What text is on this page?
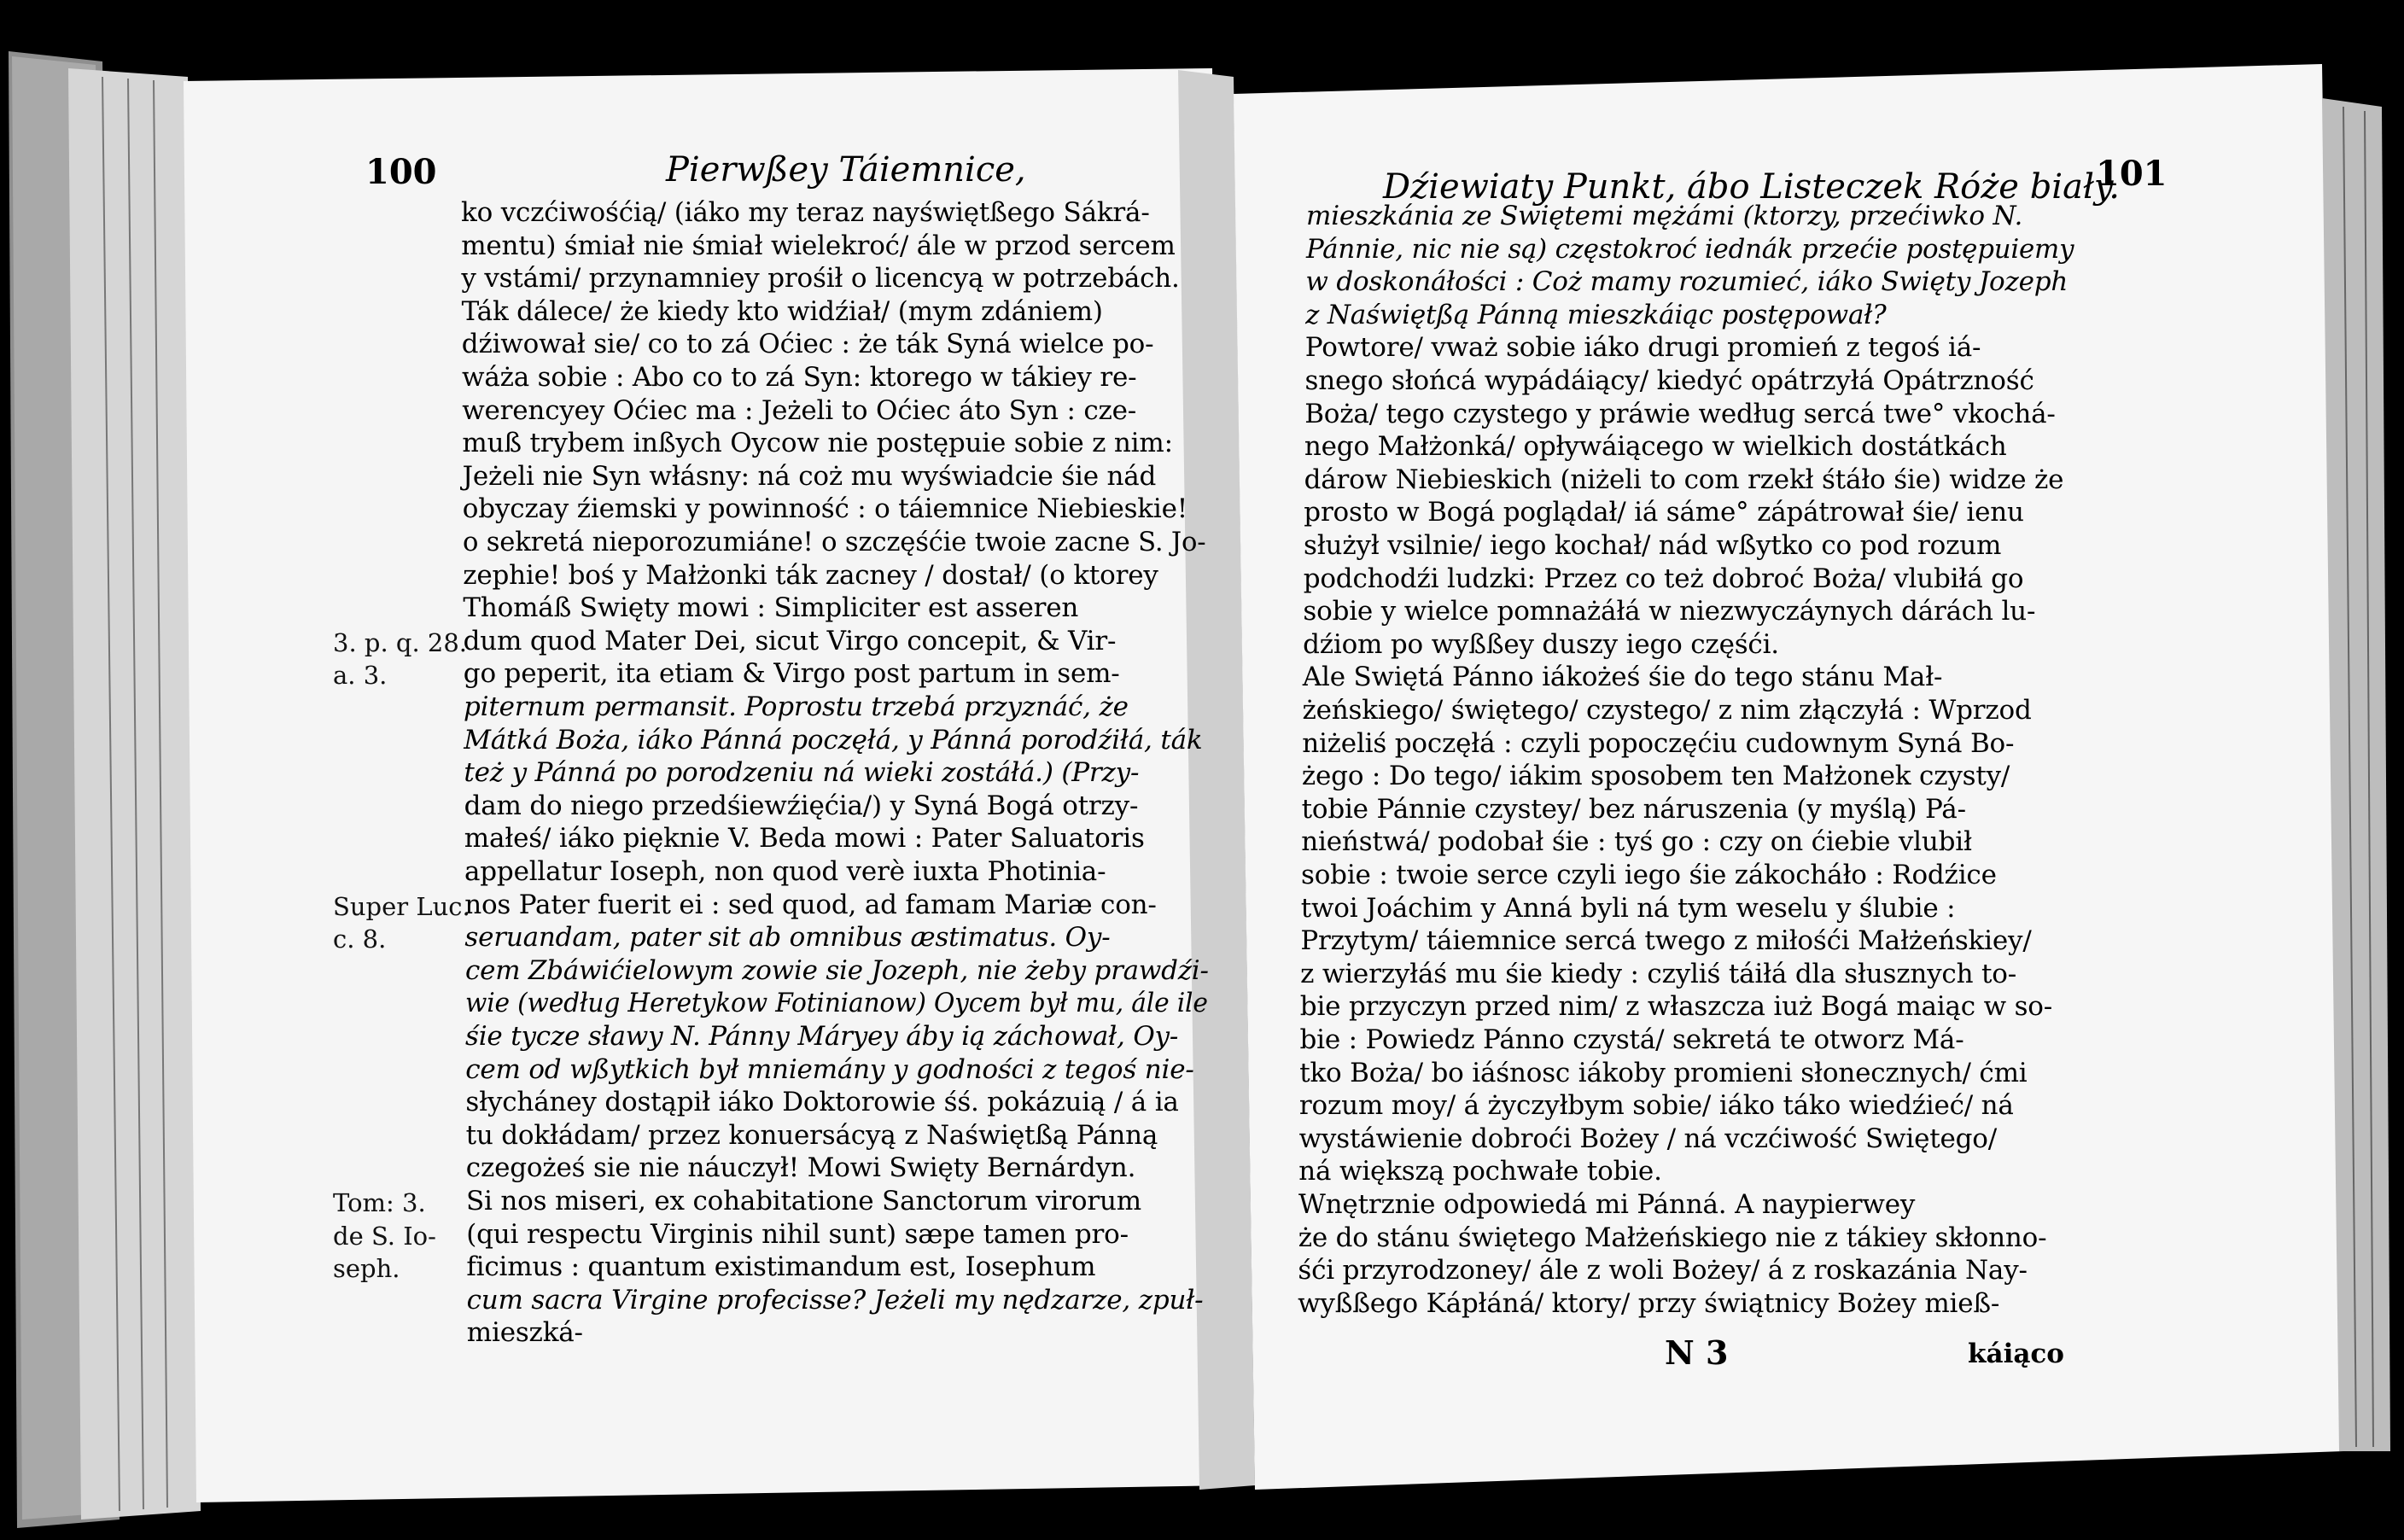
100	Pierwßey Táiemnice,
ko vczćiwośćią/ (iáko my teraz nayświętßego Sákrá-
mentu) śmiał nie śmiał wielekroć/ ále w przod sercem
y vstámi/ przynamniey prośił o licencyą w potrzebách.
Ták dálece/ że kiedy kto widźiał/ (mym zdániem)
dźiwował sie/ co to zá Oćiec : że ták Syná wielce po-
wáża sobie : Abo co to zá Syn: ktorego w tákiey re-
werencyey Oćiec ma : Jeżeli to Oćiec áto Syn : cze-
muß trybem inßych Oycow nie postępuie sobie z nim:
Jeżeli nie Syn włásny: ná coż mu wyświadcie śie nád
obyczay źiemski y powinność : o táiemnice Niebieskie!
o sekretá nieporozumiáne! o szczęśćie twoie zacne S. Jo-
zephie! boś y Małżonki ták zacney / dostał/ (o ktorey
Thomáß Swięty mowi : Simpliciter est asseren
dum quod Mater Dei, sicut Virgo concepit, & Vir-
go peperit, ita etiam & Virgo post partum in sem-
piternum permansit. Poprostu trzebá przyznáć, że
Mátká Boża, iáko Pánná poczęłá, y Pánná porodźiłá, ták
też y Pánná po porodzeniu ná wieki zostáłá.) (Przy-
dam do niego przedśiewźięćia/) y Syná Bogá otrzy-
małeś/ iáko pięknie V. Beda mowi : Pater Saluatoris
appellatur Ioseph, non quod verè iuxta Photinia-
nos Pater fuerit ei : sed quod, ad famam Mariæ con-
seruandam, pater sit ab omnibus æstimatus. Oy-
cem Zbáwićielowym zowie sie Jozeph, nie żeby prawdźi-
wie (według Heretykow Fotinianow) Oycem był mu, ále ile
śie tycze sławy N. Pánny Máryey áby ią záchował, Oy-
cem od wßytkich był mniemány y godności z tegoś nie-
słycháney dostąpił iáko Doktorowie śś. pokázuią / á ia
tu dokłádam/ przez konuersácyą z Naświętßą Pánną
czegożeś sie nie náuczył! Mowi Swięty Bernárdyn.
Si nos miseri, ex cohabitatione Sanctorum virorum
(qui respectu Virginis nihil sunt) sæpe tamen pro-
ficimus : quantum existimandum est, Iosephum
cum sacra Virgine profecisse? Jeżeli my nędzarze, zpuł-
mieszká-
3. p. q. 28.
a. 3.
Super Luc.
c. 8.
Tom: 3.
de S. Io-
seph.
Dźiewiaty Punkt, ábo Listeczek Róże biały.
101
mieszkánia ze Swiętemi mężámi (ktorzy, przećiwko N.
Pánnie, nic nie są) częstokroć iednák przećie postępuiemy
w doskonáłości : Coż mamy rozumieć, iáko Swięty Jozeph
z Naświętßą Pánną mieszkáiąc postępował?
Powtore/ vważ sobie iáko drugi promień z tegoś iá-
snego słońcá wypádáiący/ kiedyć opátrzyłá Opátrzność
Boża/ tego czystego y práwie według sercá twe° vkochá-
nego Małżonká/ opływáiącego w wielkich dostátkách
dárow Niebieskich (niżeli to com rzekł śtáło śie) widze że
prosto w Bogá poglądał/ iá sáme° zápátrował śie/ ienu
służył vsilnie/ iego kochał/ nád wßytko co pod rozum
podchodźi ludzki: Przez co też dobroć Boża/ vlubiłá go
sobie y wielce pomnażáłá w niezwyczáynych dárách lu-
dźiom po wyßßey duszy iego częśći.
Ale Swiętá Pánno iákożeś śie do tego stánu Mał-
żeńskiego/ świętego/ czystego/ z nim złączyłá : Wprzod
niżeliś poczęłá : czyli popoczęćiu cudownym Syná Bo-
żego : Do tego/ iákim sposobem ten Małżonek czysty/
tobie Pánnie czystey/ bez náruszenia (y myślą) Pá-
nieństwá/ podobał śie : tyś go : czy on ćiebie vlubił
sobie : twoie serce czyli iego śie zákocháło : Rodźice
twoi Joáchim y Anná byli ná tym weselu y ślubie :
Przytym/ táiemnice sercá twego z miłośći Małżeńskiey/
z wierzyłáś mu śie kiedy : czyliś táiłá dla słusznych to-
bie przyczyn przed nim/ z właszcza iuż Bogá maiąc w so-
bie : Powiedz Pánno czystá/ sekretá te otworz Má-
tko Boża/ bo iáśnosc iákoby promieni słonecznych/ ćmi
rozum moy/ á życzyłbym sobie/ iáko táko wiedźieć/ ná
wystáwienie dobroći Bożey / ná vczćiwość Swiętego/
ná większą pochwałe tobie.
Wnętrznie odpowiedá mi Pánná. A naypierwey
że do stánu świętego Małżeńskiego nie z tákiey skłonno-
śći przyrodzoney/ ále z woli Bożey/ á z roskazánia Nay-
wyßßego Kápłáná/ ktory/ przy świątnicy Bożey mieß-
N 3	káiąco
